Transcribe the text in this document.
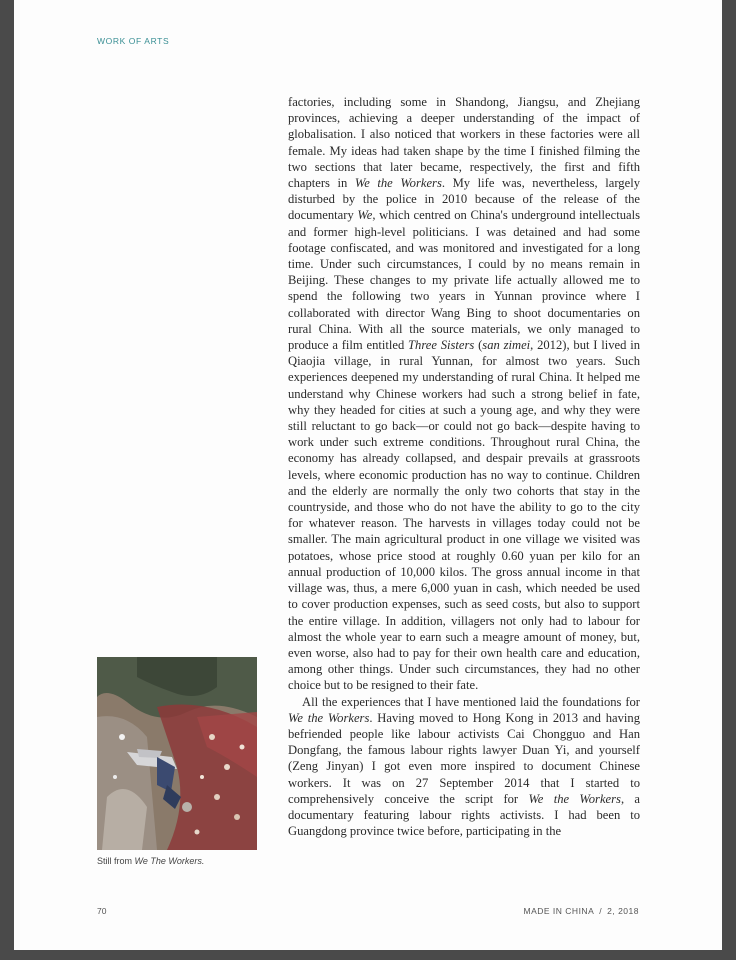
WORK OF ARTS

factories, including some in Shandong, Jiangsu, and Zhejiang provinces, achieving a deeper understanding of the impact of globalisation. I also noticed that workers in these factories were all female. My ideas had taken shape by the time I finished filming the two sections that later became, respectively, the first and fifth chapters in We the Workers. My life was, nevertheless, largely disturbed by the police in 2010 because of the release of the documentary We, which centred on China's underground intellectuals and former high-level politicians. I was detained and had some footage confiscated, and was monitored and investigated for a long time. Under such circumstances, I could by no means remain in Beijing. These changes to my private life actually allowed me to spend the following two years in Yunnan province where I collaborated with director Wang Bing to shoot documentaries on rural China. With all the source materials, we only managed to produce a film entitled Three Sisters (san zimei, 2012), but I lived in Qiaojia village, in rural Yunnan, for almost two years. Such experiences deepened my understanding of rural China. It helped me understand why Chinese workers had such a strong belief in fate, why they headed for cities at such a young age, and why they were still reluctant to go back—or could not go back—despite having to work under such extreme conditions. Throughout rural China, the economy has already collapsed, and despair prevails at grassroots levels, where economic production has no way to continue. Children and the elderly are normally the only two cohorts that stay in the countryside, and those who do not have the ability to go to the city for whatever reason. The harvests in villages today could not be smaller. The main agricultural product in one village we visited was potatoes, whose price stood at roughly 0.60 yuan per kilo for an annual production of 10,000 kilos. The gross annual income in that village was, thus, a mere 6,000 yuan in cash, which needed be used to cover production expenses, such as seed costs, but also to support the entire village. In addition, villagers not only had to labour for almost the whole year to earn such a meagre amount of money, but, even worse, also had to pay for their own health care and education, among other things. Under such circumstances, they had no other choice but to be resigned to their fate.

All the experiences that I have mentioned laid the foundations for We the Workers. Having moved to Hong Kong in 2013 and having befriended people like labour activists Cai Chongguo and Han Dongfang, the famous labour rights lawyer Duan Yi, and yourself (Zeng Jinyan) I got even more inspired to document Chinese workers. It was on 27 September 2014 that I started to comprehensively conceive the script for We the Workers, a documentary featuring labour rights activists. I had been to Guangdong province twice before, participating in the

Still from We The Workers.
70	MADE IN CHINA / 2, 2018
